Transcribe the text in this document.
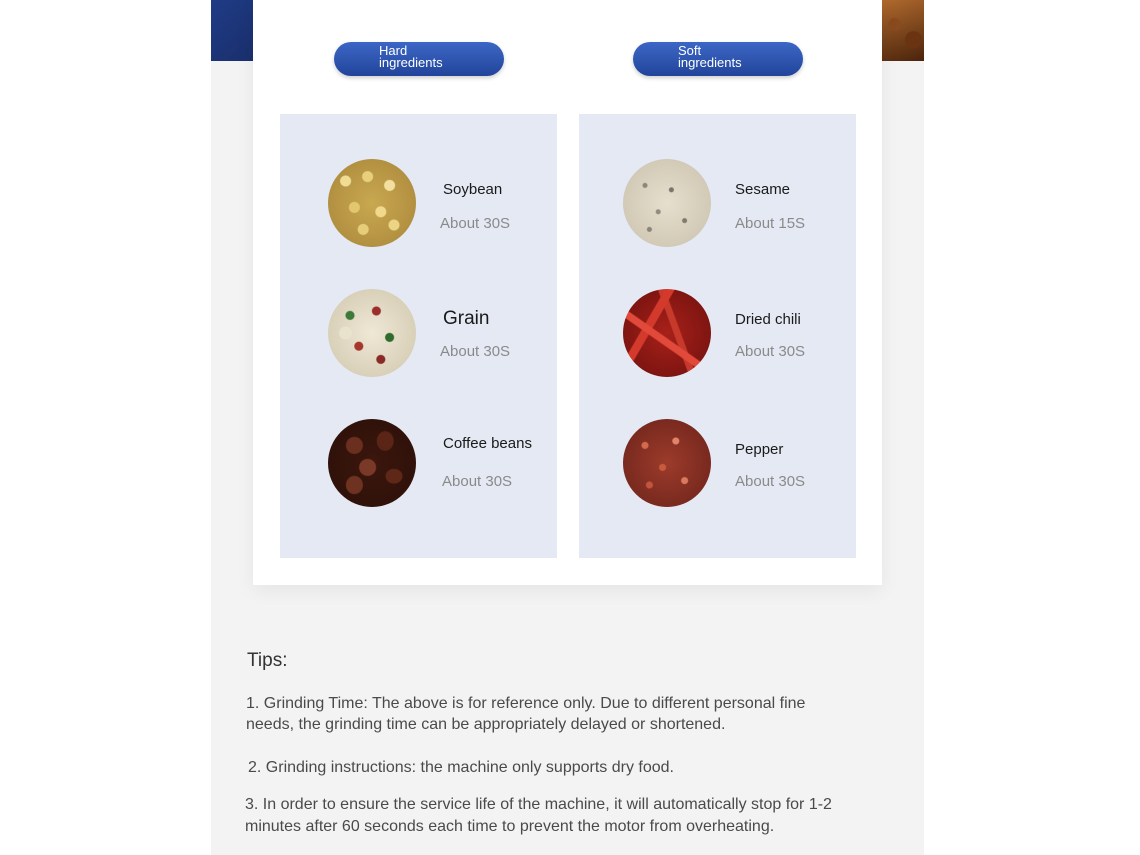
Hard
ingredients
Soft
ingredients
Soybean
About 30S
Grain
About 30S
Coffee beans
About 30S
Sesame
About 15S
Dried chili
About 30S
Pepper
About 30S
Tips:
1. Grinding Time: The above is for reference only. Due to different personal fine
needs, the grinding time can be appropriately delayed or shortened.
2. Grinding instructions: the machine only supports dry food.
3. In order to ensure the service life of the machine, it will automatically stop for 1-2
minutes after 60 seconds each time to prevent the motor from overheating.
